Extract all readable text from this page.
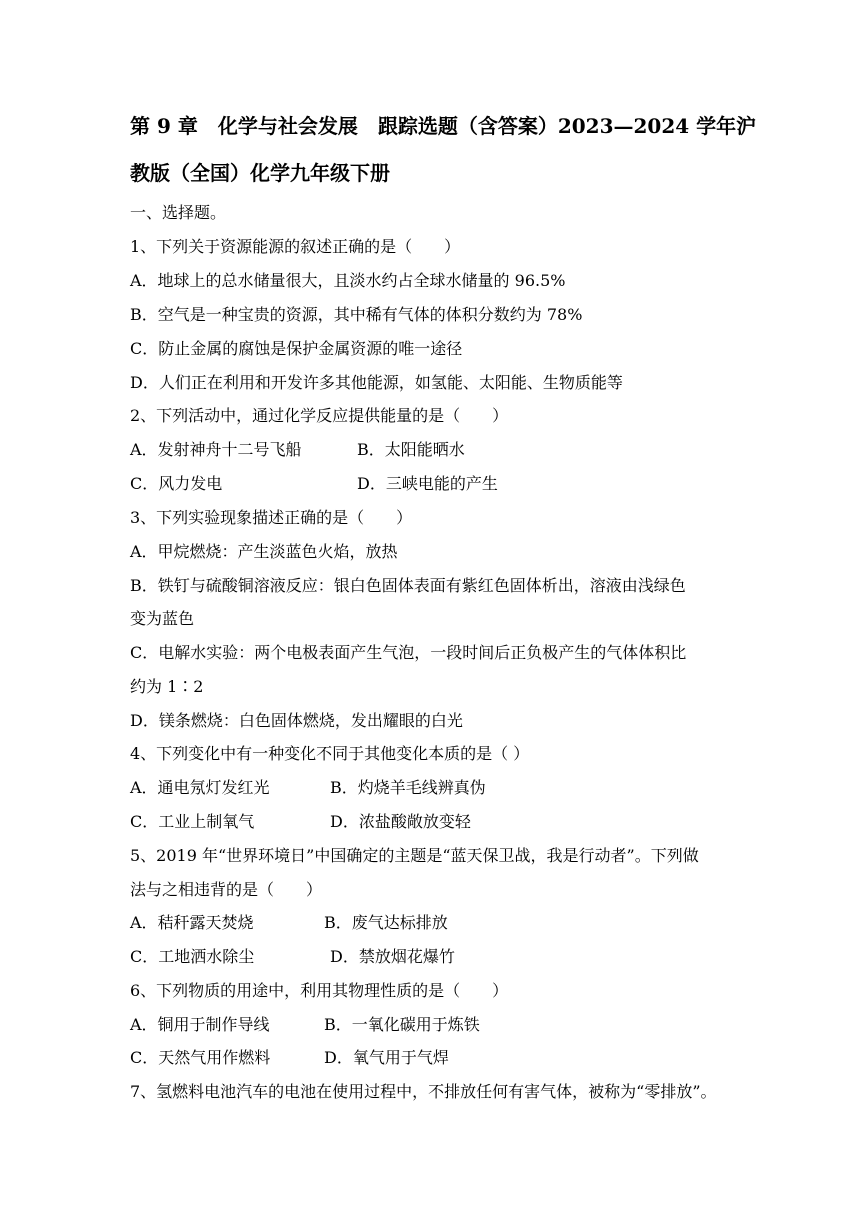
第 9 章　化学与社会发展　跟踪选题（含答案）2023—2024 学年沪
教版（全国）化学九年级下册
一、选择题。
1、下列关于资源能源的叙述正确的是（　　）
A．地球上的总水储量很大，且淡水约占全球水储量的 96.5%
B．空气是一种宝贵的资源，其中稀有气体的体积分数约为 78%
C．防止金属的腐蚀是保护金属资源的唯一途径
D．人们正在利用和开发许多其他能源，如氢能、太阳能、生物质能等
2、下列活动中，通过化学反应提供能量的是（　　）
A．发射神舟十二号飞船	B．太阳能晒水
C．风力发电	D．三峡电能的产生
3、下列实验现象描述正确的是（　　）
A．甲烷燃烧：产生淡蓝色火焰，放热
B．铁钉与硫酸铜溶液反应：银白色固体表面有紫红色固体析出，溶液由浅绿色
变为蓝色
C．电解水实验：两个电极表面产生气泡，一段时间后正负极产生的气体体积比
约为 1∶2
D．镁条燃烧：白色固体燃烧，发出耀眼的白光
4、下列变化中有一种变化不同于其他变化本质的是（ ）
A．通电氖灯发红光	B．灼烧羊毛线辨真伪
C．工业上制氧气	D．浓盐酸敞放变轻
5、2019 年“世界环境日”中国确定的主题是“蓝天保卫战，我是行动者”。下列做
法与之相违背的是（　　）
A．秸秆露天焚烧	B．废气达标排放
C．工地洒水除尘	D．禁放烟花爆竹
6、下列物质的用途中，利用其物理性质的是（　　）
A．铜用于制作导线	B．一氧化碳用于炼铁
C．天然气用作燃料	D．氧气用于气焊
7、氢燃料电池汽车的电池在使用过程中，不排放任何有害气体，被称为“零排放”。
